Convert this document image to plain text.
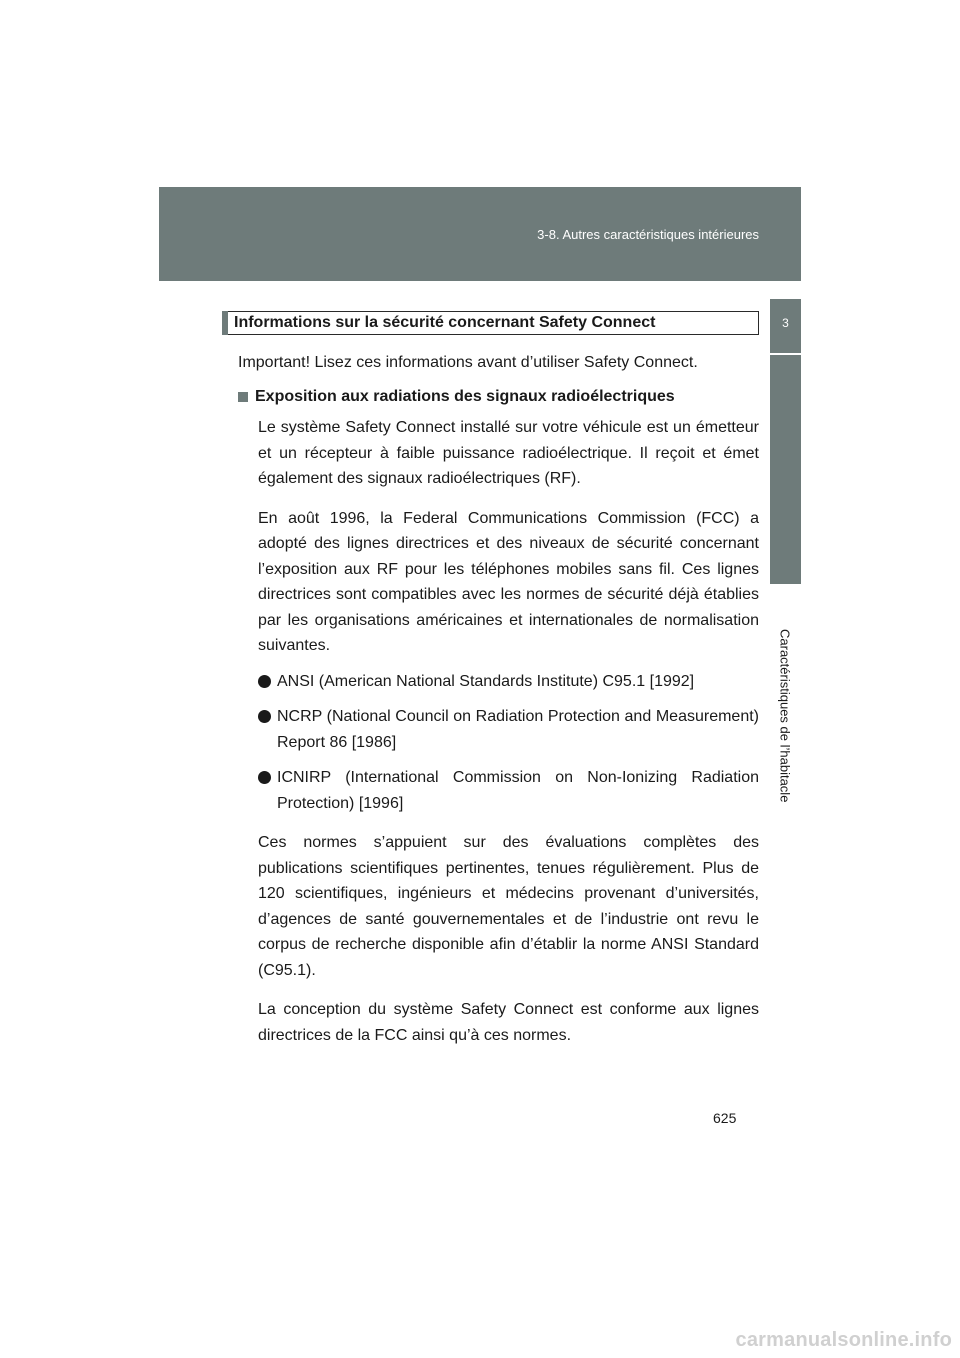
3-8. Autres caractéristiques intérieures
3
Caractéristiques de l’habitacle
Informations sur la sécurité concernant Safety Connect
Important! Lisez ces informations avant d’utiliser Safety Connect.
Exposition aux radiations des signaux radioélectriques

Le système Safety Connect installé sur votre véhicule est un émetteur et un récepteur à faible puissance radioélectrique. Il reçoit et émet également des signaux radioélectriques (RF).

En août 1996, la Federal Communications Commission (FCC) a adopté des lignes directrices et des niveaux de sécurité concernant l’exposition aux RF pour les téléphones mobiles sans fil. Ces lignes directrices sont compatibles avec les normes de sécurité déjà établies par les organisations américaines et internationales de normalisation suivantes.

ANSI (American National Standards Institute) C95.1 [1992]
NCRP (National Council on Radiation Protection and Measurement) Report 86 [1986]
ICNIRP (International Commission on Non-Ionizing Radiation Protection) [1996]

Ces normes s’appuient sur des évaluations complètes des publications scientifiques pertinentes, tenues régulièrement. Plus de 120 scientifiques, ingénieurs et médecins provenant d’universités, d’agences de santé gouvernementales et de l’industrie ont revu le corpus de recherche disponible afin d’établir la norme ANSI Standard (C95.1).

La conception du système Safety Connect est conforme aux lignes directrices de la FCC ainsi qu’à ces normes.

625
carmanualsonline.info
